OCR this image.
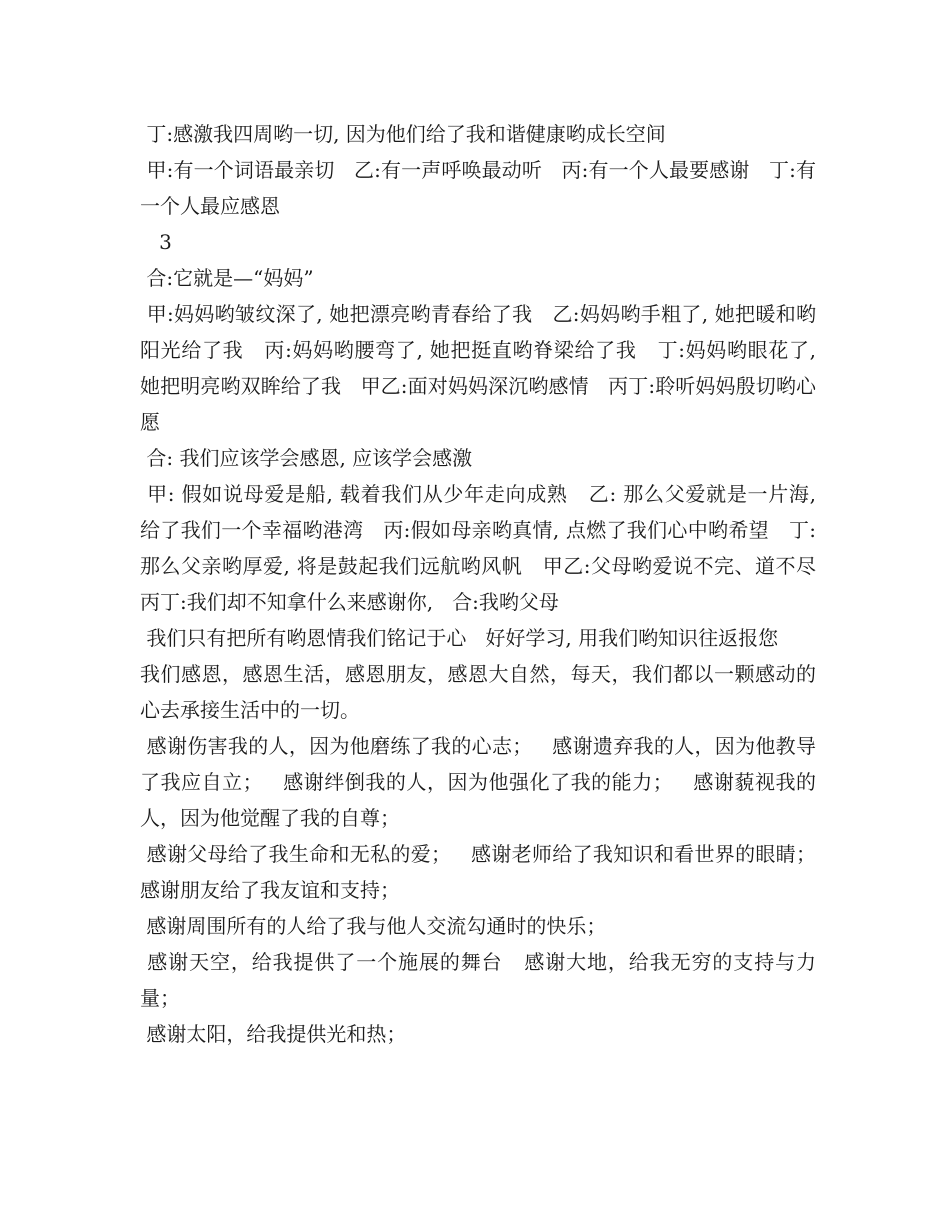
丁:感激我四周哟一切, 因为他们给了我和谐健康哟成长空间

甲:有一个词语最亲切   乙:有一声呼唤最动听   丙:有一个人最要感谢   丁:有一个人最应感恩

3

合:它就是—“妈妈”

甲:妈妈哟皱纹深了, 她把漂亮哟青春给了我   乙:妈妈哟手粗了, 她把暖和哟阳光给了我   丙:妈妈哟腰弯了, 她把挺直哟脊梁给了我   丁:妈妈哟眼花了, 她把明亮哟双眸给了我   甲乙:面对妈妈深沉哟感情   丙丁:聆听妈妈殷切哟心愿

合: 我们应该学会感恩, 应该学会感激

甲: 假如说母爱是船, 载着我们从少年走向成熟   乙: 那么父爱就是一片海, 给了我们一个幸福哟港湾   丙:假如母亲哟真情, 点燃了我们心中哟希望   丁:那么父亲哟厚爱, 将是鼓起我们远航哟风帆   甲乙:父母哟爱说不完、道不尽   丙丁:我们却不知拿什么来感谢你,   合:我哟父母

我们只有把所有哟恩情我们铭记于心   好好学习, 用我们哟知识往返报您

我们感恩，感恩生活，感恩朋友，感恩大自然，每天，我们都以一颗感动的心去承接生活中的一切。

感谢伤害我的人，因为他磨练了我的心志；   感谢遗弃我的人，因为他教导了我应自立；   感谢绊倒我的人，因为他强化了我的能力；   感谢藐视我的人，因为他觉醒了我的自尊；

感谢父母给了我生命和无私的爱；   感谢老师给了我知识和看世界的眼睛；   感谢朋友给了我友谊和支持；

感谢周围所有的人给了我与他人交流勾通时的快乐；

感谢天空，给我提供了一个施展的舞台   感谢大地，给我无穷的支持与力量；

感谢太阳，给我提供光和热；
